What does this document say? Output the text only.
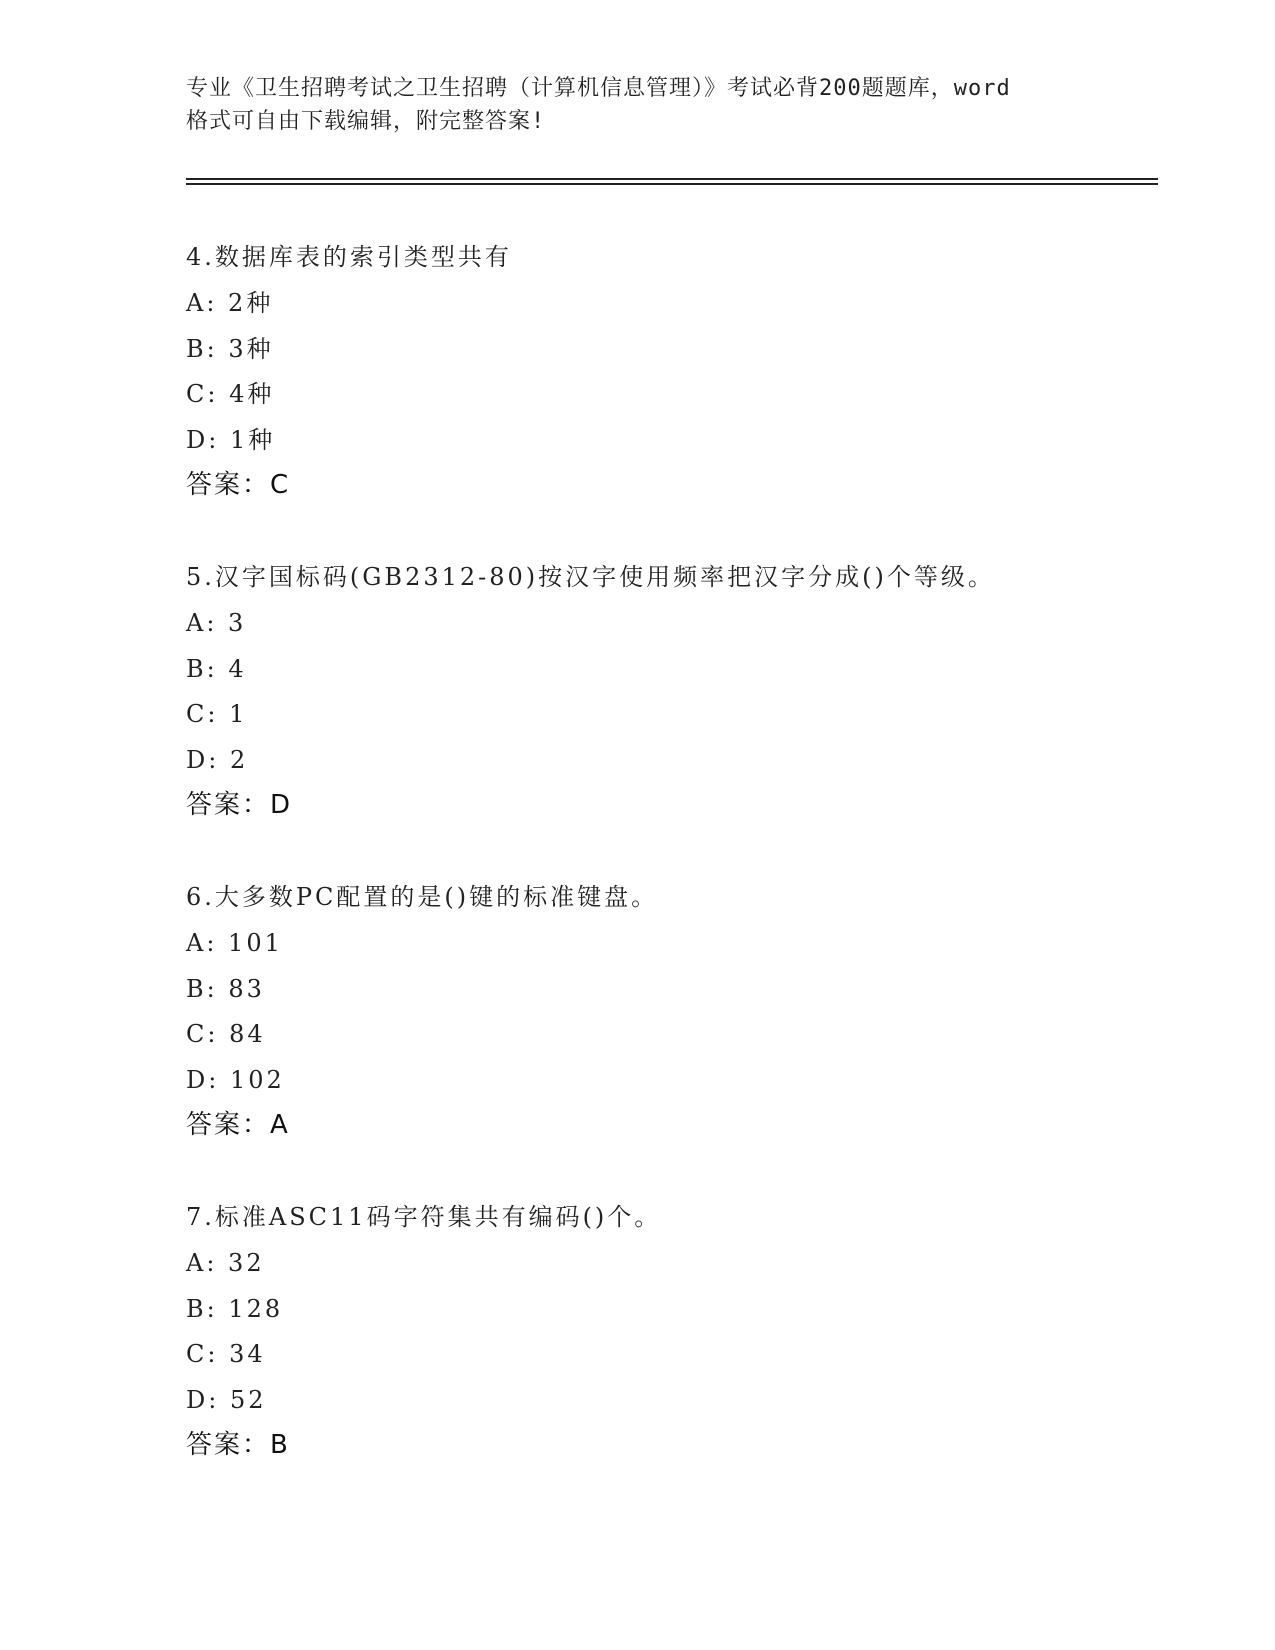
专业《卫生招聘考试之卫生招聘（计算机信息管理）》考试必背200题题库，word
格式可自由下载编辑，附完整答案!
4.数据库表的索引类型共有
A: 2种
B: 3种
C: 4种
D: 1种
答案：C
5.汉字国标码(GB2312-80)按汉字使用频率把汉字分成()个等级。
A: 3
B: 4
C: 1
D: 2
答案：D
6.大多数PC配置的是()键的标准键盘。
A: 101
B: 83
C: 84
D: 102
答案：A
7.标准ASC11码字符集共有编码()个。
A: 32
B: 128
C: 34
D: 52
答案：B
